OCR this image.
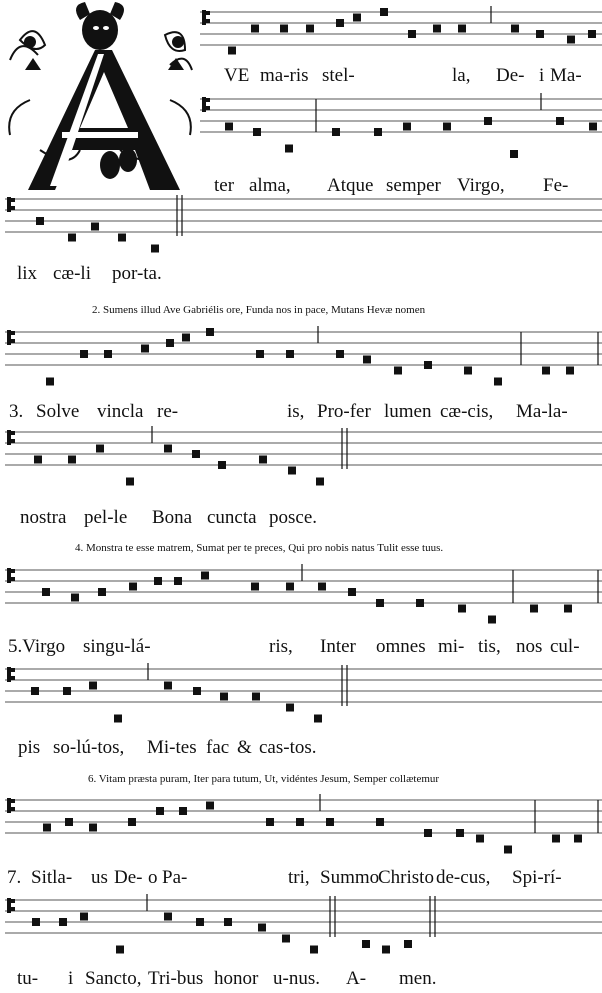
VE ma-ris stel-	la, De- i Ma-
ter alma, Atque semper Virgo, Fe-
lix cæ-li por-ta.
2. Sumens illud Ave Gabriélis ore, Funda nos in pace, Mutans Hevæ nomen
3. Solve vincla re-	is, Pro-fer lumen cæ-cis, Ma-la-
nostra pel-le Bona cuncta posce.
4. Monstra te esse matrem, Sumat per te preces, Qui pro nobis natus Tulit esse tuus.
5.Virgo singu-lá-	ris, Inter omnes mi- tis, nos cul-
pis so-lú-tos, Mi-tes fac & cas-tos.
6. Vitam præsta puram, Iter para tutum, Ut, vidéntes Jesum, Semper collætemur
7. Sitla- us De- o Pa-	tri, Summo
Christo de-cus, Spi-rí-
tu- i Sancto, Tri-bus honor u-nus. A- men.
